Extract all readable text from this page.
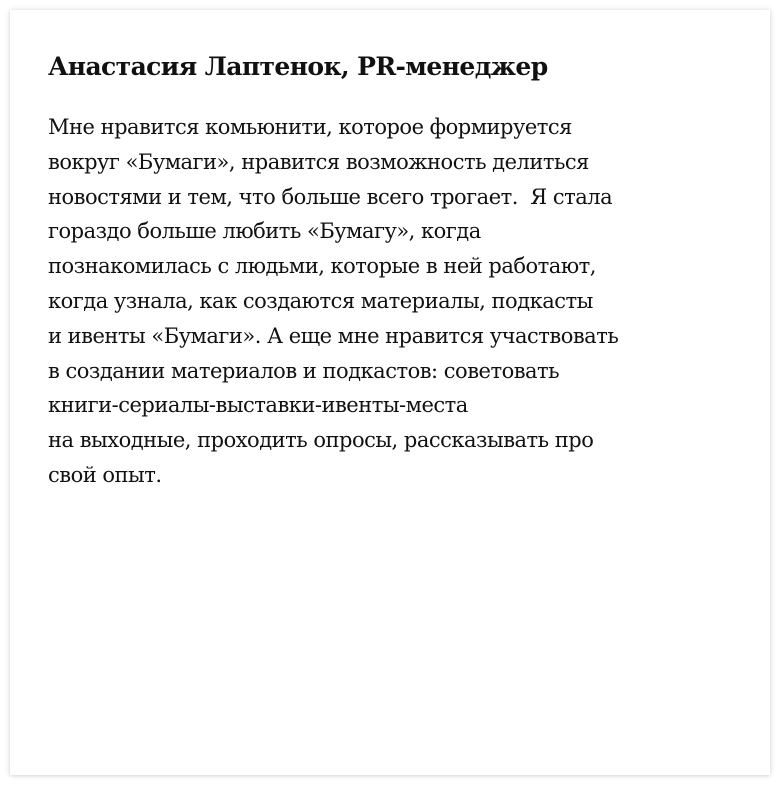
Анастасия Лаптенок, PR-менеджер

Мне нравится комьюнити, которое формируется
вокруг «Бумаги», нравится возможность делиться
новостями и тем, что больше всего трогает.  Я стала
гораздо больше любить «Бумагу», когда
познакомилась с людьми, которые в ней работают,
когда узнала, как создаются материалы, подкасты
и ивенты «Бумаги». А еще мне нравится участвовать
в создании материалов и подкастов: советовать
книги-сериалы-выставки-ивенты-места
на выходные, проходить опросы, рассказывать про
свой опыт.
